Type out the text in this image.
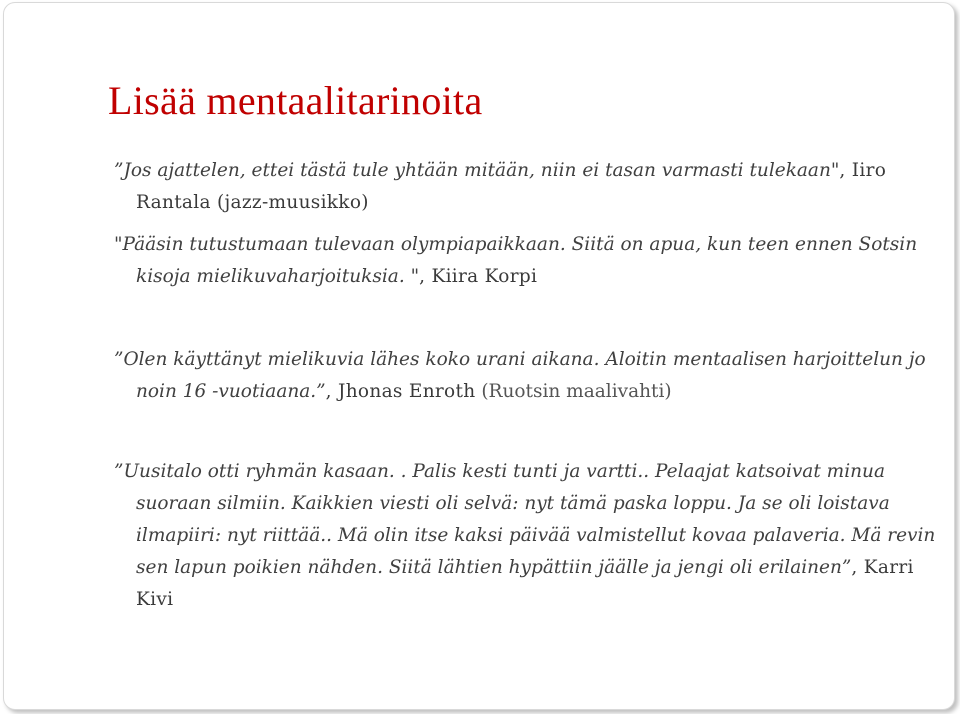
Lisää mentaalitarinoita

”Jos ajattelen, ettei tästä tule yhtään mitään, niin ei tasan varmasti tulekaan", Iiro Rantala (jazz-muusikko)

"Pääsin tutustumaan tulevaan olympiapaikkaan. Siitä on apua, kun teen ennen Sotsin kisoja mielikuvaharjoituksia. ", Kiira Korpi

”Olen käyttänyt mielikuvia lähes koko urani aikana. Aloitin mentaalisen harjoittelun jo noin 16 -vuotiaana.”, Jhonas Enroth (Ruotsin maalivahti)

”Uusitalo otti ryhmän kasaan. . Palis kesti tunti ja vartti.. Pelaajat katsoivat minua suoraan silmiin. Kaikkien viesti oli selvä: nyt tämä paska loppu. Ja se oli loistava ilmapiiri: nyt riittää.. Mä olin itse kaksi päivää valmistellut kovaa palaveria. Mä revin sen lapun poikien nähden. Siitä lähtien hypättiin jäälle ja jengi oli erilainen”, Karri Kivi
